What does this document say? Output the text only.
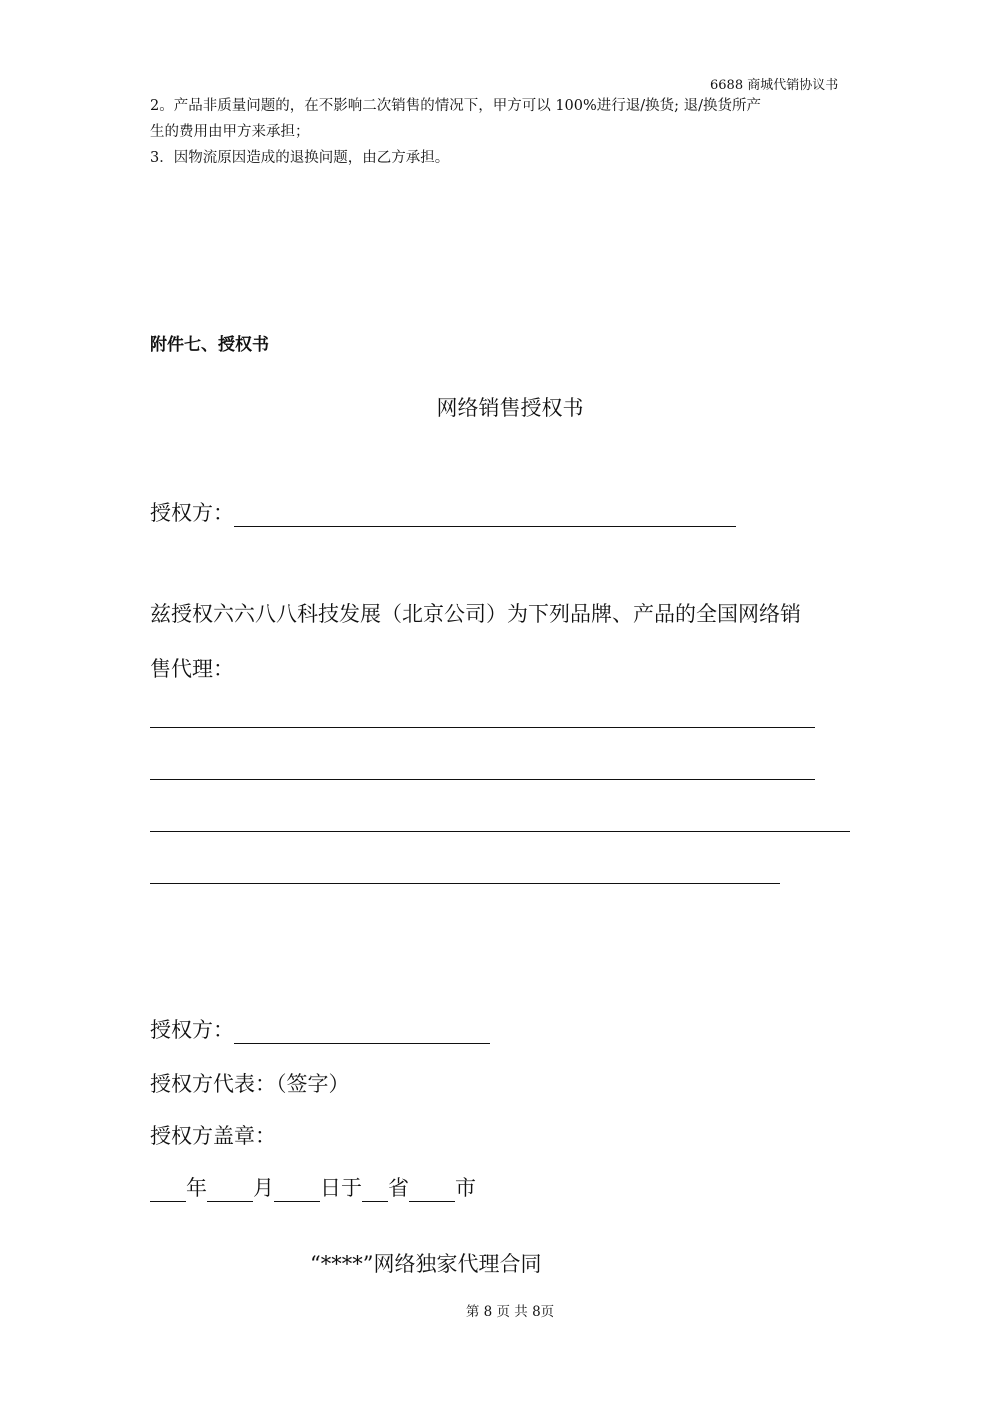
6688 商城代销协议书
2。产品非质量问题的，在不影响二次销售的情况下，甲方可以 100%进行退/换货; 退/换货所产
生的费用由甲方来承担；
3．因物流原因造成的退换问题，由乙方承担。
附件七、授权书
网络销售授权书
授权方：
兹授权六六八八科技发展（北京公司）为下列品牌、产品的全国网络销
售代理：
授权方：
授权方代表：（签字）
授权方盖章：
年 月 日于 省 市
“****”网络独家代理合同
第 8 页 共 8页
